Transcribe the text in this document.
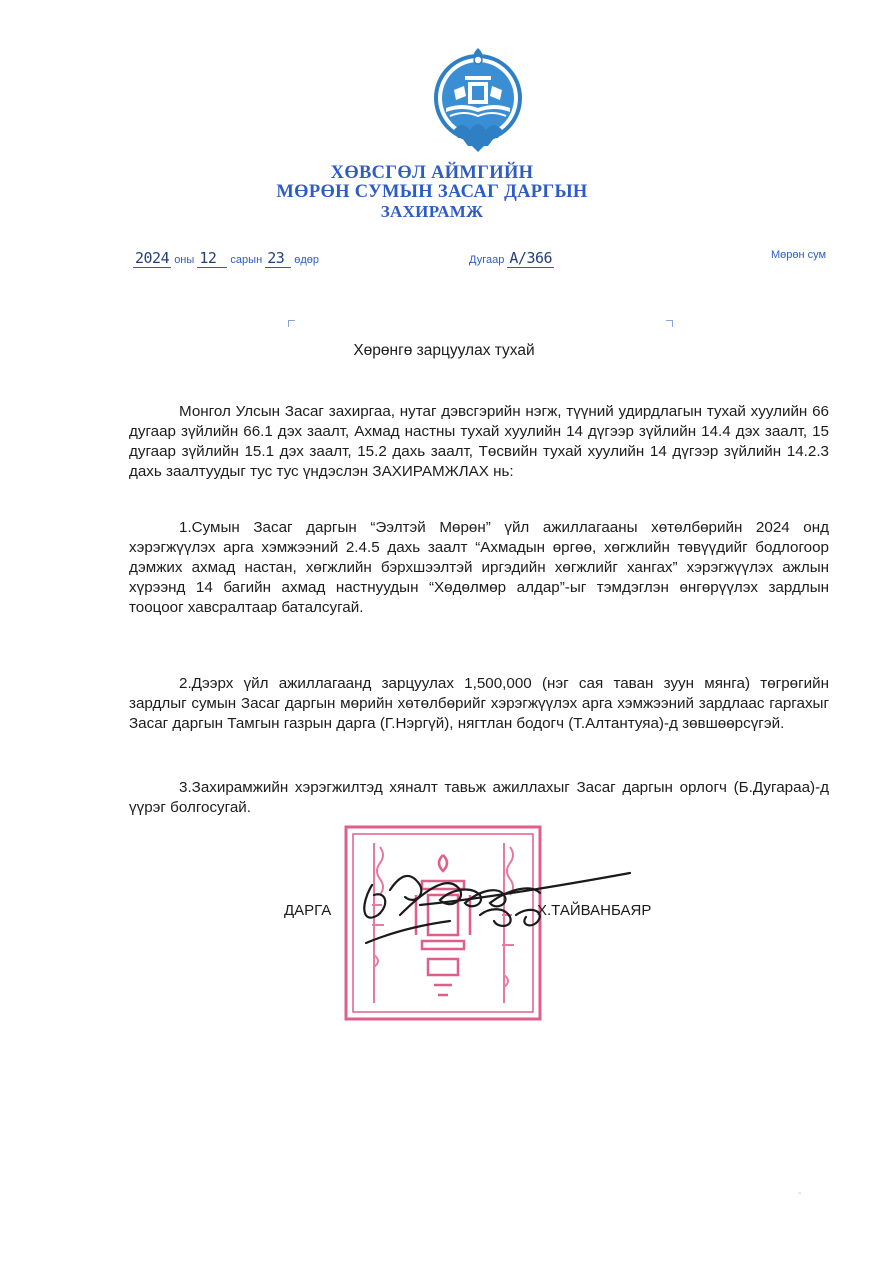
ХӨВСГӨЛ АЙМГИЙН
МӨРӨН СУМЫН ЗАСАГ ДАРГЫН
ЗАХИРАМЖ
2024 оны 12 сарын 23 өдөр	Дугаар A/366	Мөрөн сум
Хөрөнгө зарцуулах тухай
Монгол Улсын Засаг захиргаа, нутаг дэвсгэрийн нэгж, түүний удирдлагын тухай хуулийн 66 дугаар зүйлийн 66.1 дэх заалт, Ахмад настны тухай хуулийн 14 дүгээр зүйлийн 14.4 дэх заалт, 15 дугаар зүйлийн 15.1 дэх заалт, 15.2 дахь заалт, Төсвийн тухай хуулийн 14 дүгээр зүйлийн 14.2.3 дахь заалтуудыг тус тус үндэслэн ЗАХИРАМЖЛАХ нь:
1.Сумын Засаг даргын “Ээлтэй Мөрөн” үйл ажиллагааны хөтөлбөрийн 2024 онд хэрэгжүүлэх арга хэмжээний 2.4.5 дахь заалт “Ахмадын өргөө, хөгжлийн төвүүдийг бодлогоор дэмжих ахмад настан, хөгжлийн бэрхшээлтэй иргэдийн хөгжлийг хангах” хэрэгжүүлэх ажлын хүрээнд 14 багийн ахмад настнуудын “Хөдөлмөр алдар”-ыг тэмдэглэн өнгөрүүлэх зардлын тооцоог хавсралтаар баталсугай.
2.Дээрх үйл ажиллагаанд зарцуулах 1,500,000 (нэг сая таван зуун мянга) төгрөгийн зардлыг сумын Засаг даргын мөрийн хөтөлбөрийг хэрэгжүүлэх арга хэмжээний зардлаас гаргахыг Засаг даргын Тамгын газрын дарга (Г.Нэргүй), нягтлан бодогч (Т.Алтантуяа)-д зөвшөөрсүгэй.
3.Захирамжийн хэрэгжилтэд хяналт тавьж ажиллахыг Засаг даргын орлогч (Б.Дугараа)-д үүрэг болгосугай.
ДАРГА	Х.ТАЙВАНБАЯР
-
